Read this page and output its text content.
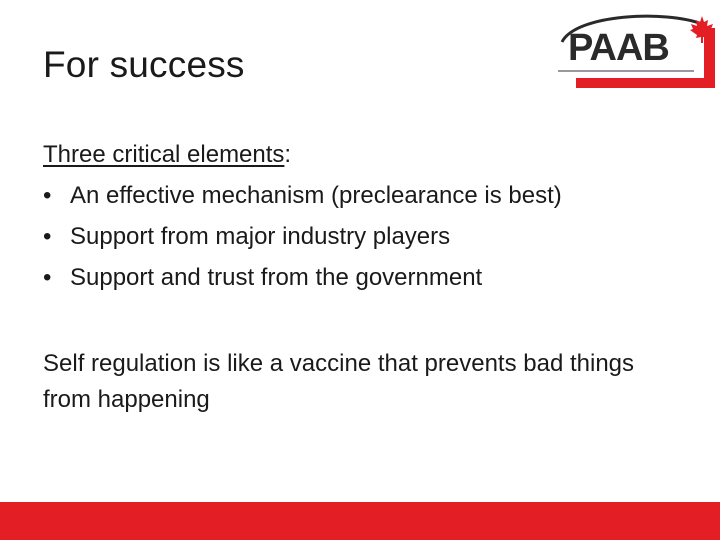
For success	PAAB

Three critical elements:

• An effective mechanism (preclearance is best)
• Support from major industry players
• Support and trust from the government

Self regulation is like a vaccine that prevents bad things from happening
